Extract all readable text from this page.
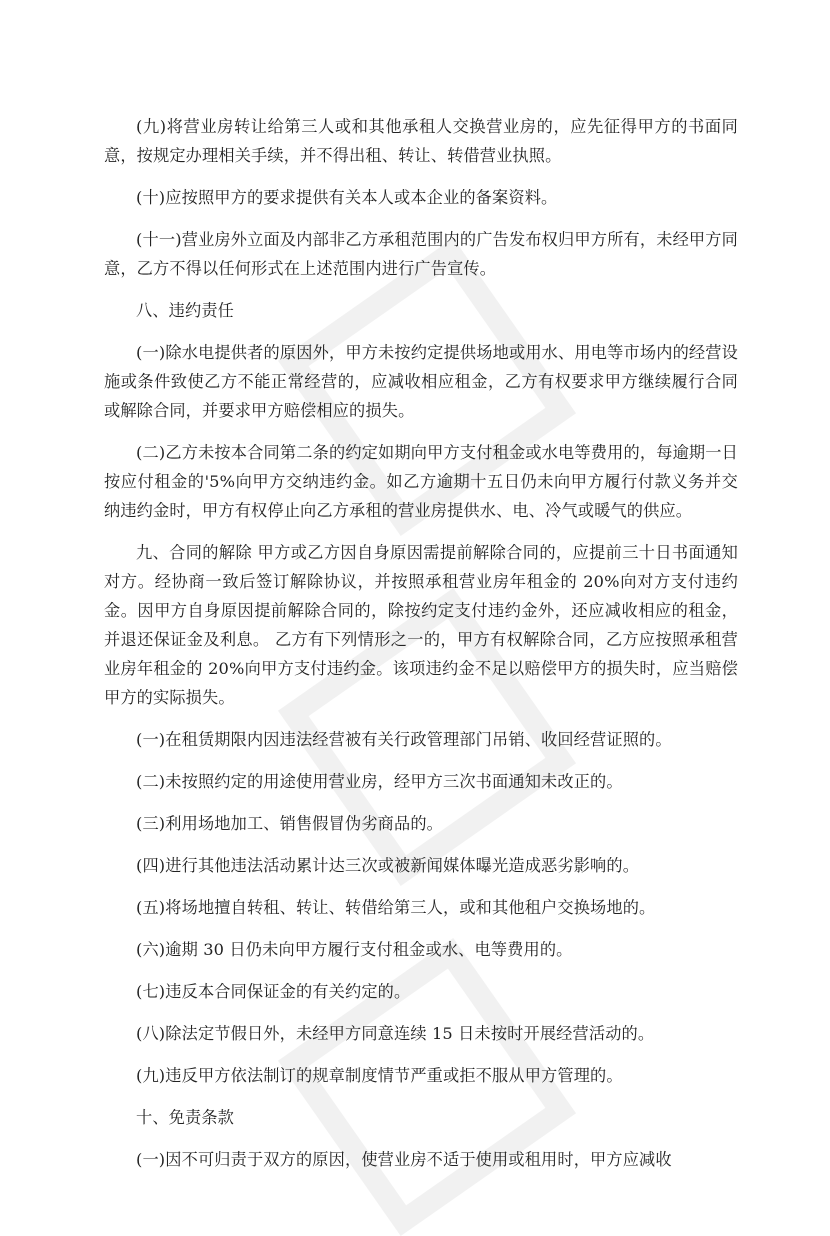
(九)将营业房转让给第三人或和其他承租人交换营业房的，应先征得甲方的书面同意，按规定办理相关手续，并不得出租、转让、转借营业执照。

(十)应按照甲方的要求提供有关本人或本企业的备案资料。

(十一)营业房外立面及内部非乙方承租范围内的广告发布权归甲方所有，未经甲方同意，乙方不得以任何形式在上述范围内进行广告宣传。

八、违约责任

(一)除水电提供者的原因外，甲方未按约定提供场地或用水、用电等市场内的经营设施或条件致使乙方不能正常经营的，应减收相应租金，乙方有权要求甲方继续履行合同或解除合同，并要求甲方赔偿相应的损失。

(二)乙方未按本合同第二条的约定如期向甲方支付租金或水电等费用的，每逾期一日按应付租金的'5%向甲方交纳违约金。如乙方逾期十五日仍未向甲方履行付款义务并交纳违约金时，甲方有权停止向乙方承租的营业房提供水、电、冷气或暖气的供应。

九、合同的解除 甲方或乙方因自身原因需提前解除合同的，应提前三十日书面通知对方。经协商一致后签订解除协议，并按照承租营业房年租金的 20%向对方支付违约金。因甲方自身原因提前解除合同的，除按约定支付违约金外，还应减收相应的租金，并退还保证金及利息。 乙方有下列情形之一的，甲方有权解除合同，乙方应按照承租营业房年租金的 20%向甲方支付违约金。该项违约金不足以赔偿甲方的损失时，应当赔偿甲方的实际损失。

(一)在租赁期限内因违法经营被有关行政管理部门吊销、收回经营证照的。

(二)未按照约定的用途使用营业房，经甲方三次书面通知未改正的。

(三)利用场地加工、销售假冒伪劣商品的。

(四)进行其他违法活动累计达三次或被新闻媒体曝光造成恶劣影响的。

(五)将场地擅自转租、转让、转借给第三人，或和其他租户交换场地的。

(六)逾期 30 日仍未向甲方履行支付租金或水、电等费用的。

(七)违反本合同保证金的有关约定的。

(八)除法定节假日外，未经甲方同意连续 15 日未按时开展经营活动的。

(九)违反甲方依法制订的规章制度情节严重或拒不服从甲方管理的。

十、免责条款

(一)因不可归责于双方的原因，使营业房不适于使用或租用时，甲方应减收
